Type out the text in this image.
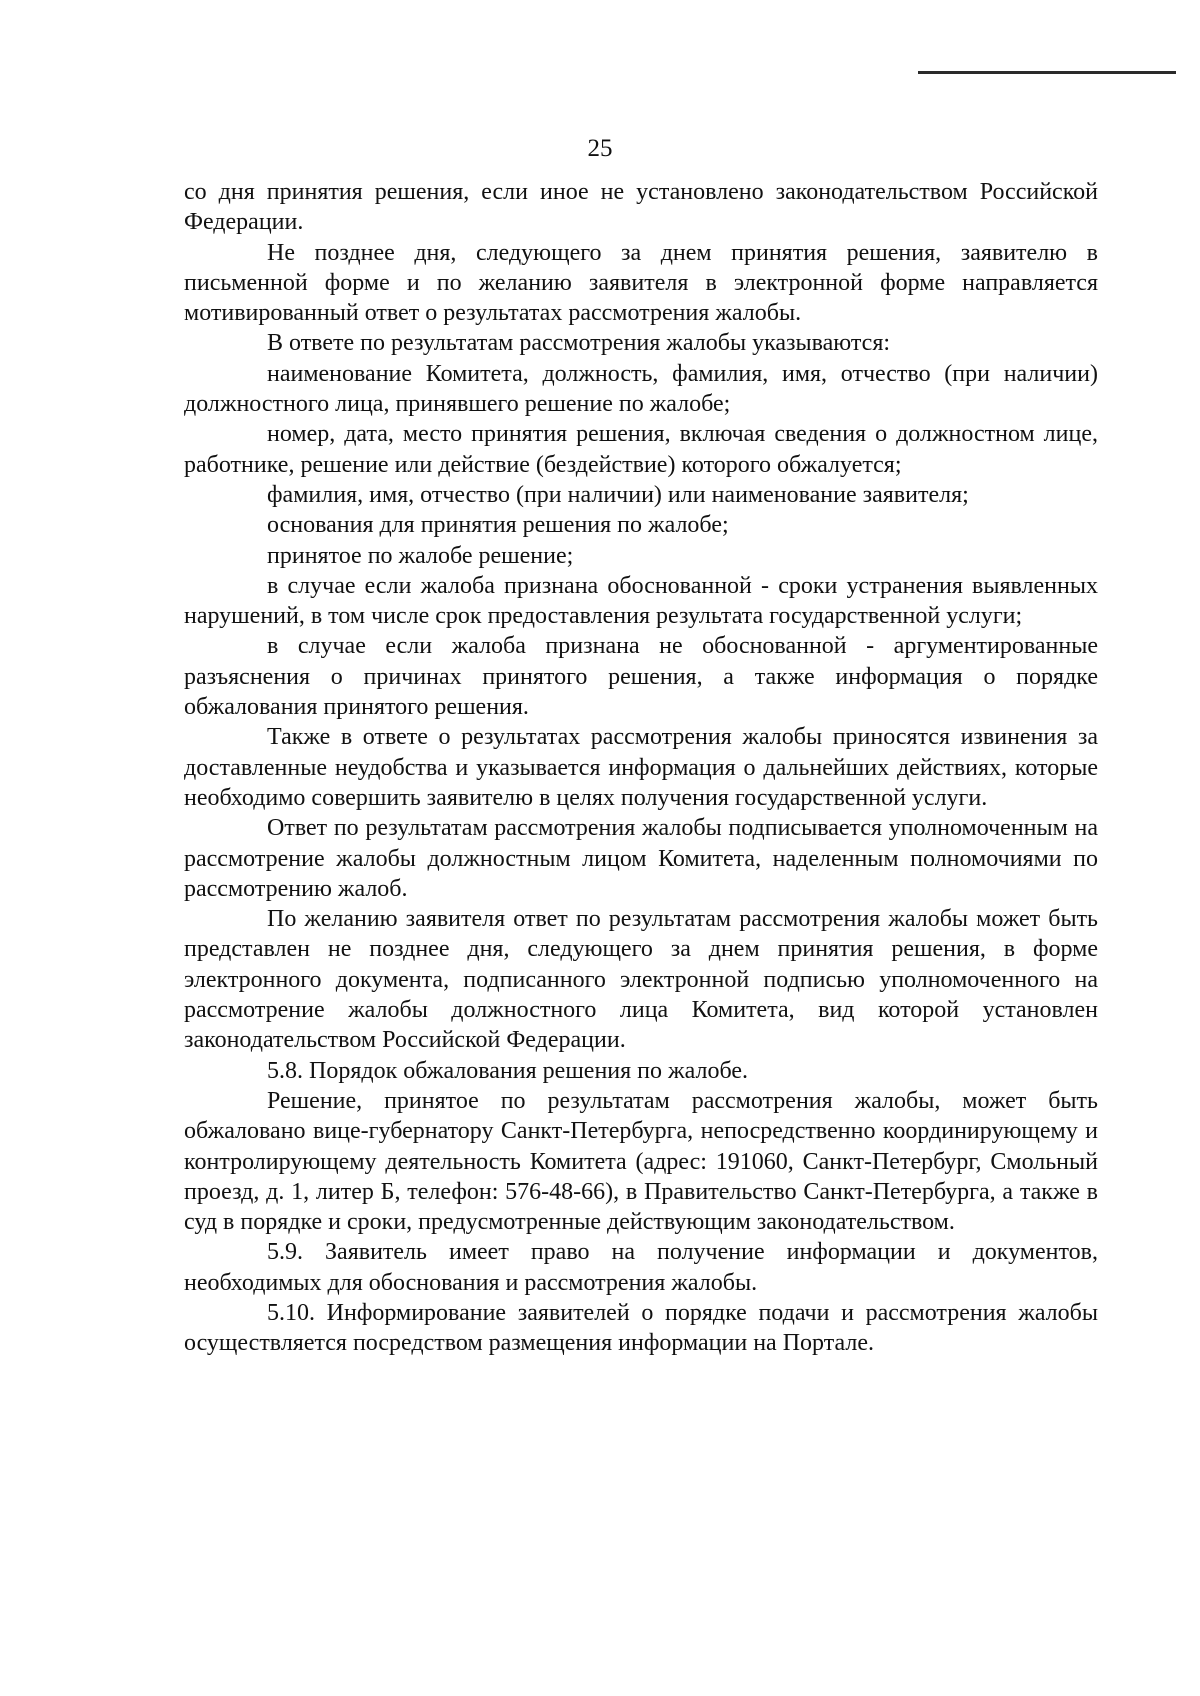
25

со дня принятия решения, если иное не установлено законодательством Российской Федерации.

Не позднее дня, следующего за днем принятия решения, заявителю в письменной форме и по желанию заявителя в электронной форме направляется мотивированный ответ о результатах рассмотрения жалобы.

В ответе по результатам рассмотрения жалобы указываются:

наименование Комитета, должность, фамилия, имя, отчество (при наличии) должностного лица, принявшего решение по жалобе;

номер, дата, место принятия решения, включая сведения о должностном лице, работнике, решение или действие (бездействие) которого обжалуется;

фамилия, имя, отчество (при наличии) или наименование заявителя;

основания для принятия решения по жалобе;

принятое по жалобе решение;

в случае если жалоба признана обоснованной - сроки устранения выявленных нарушений, в том числе срок предоставления результата государственной услуги;

в случае если жалоба признана не обоснованной - аргументированные разъяснения о причинах принятого решения, а также информация о порядке обжалования принятого решения.

Также в ответе о результатах рассмотрения жалобы приносятся извинения за доставленные неудобства и указывается информация о дальнейших действиях, которые необходимо совершить заявителю в целях получения государственной услуги.

Ответ по результатам рассмотрения жалобы подписывается уполномоченным на рассмотрение жалобы должностным лицом Комитета, наделенным полномочиями по рассмотрению жалоб.

По желанию заявителя ответ по результатам рассмотрения жалобы может быть представлен не позднее дня, следующего за днем принятия решения, в форме электронного документа, подписанного электронной подписью уполномоченного на рассмотрение жалобы должностного лица Комитета, вид которой установлен законодательством Российской Федерации.

5.8. Порядок обжалования решения по жалобе.

Решение, принятое по результатам рассмотрения жалобы, может быть обжаловано вице-губернатору Санкт-Петербурга, непосредственно координирующему и контролирующему деятельность Комитета (адрес: 191060, Санкт-Петербург, Смольный проезд, д. 1, литер Б, телефон: 576-48-66), в Правительство Санкт-Петербурга, а также в суд в порядке и сроки, предусмотренные действующим законодательством.

5.9. Заявитель имеет право на получение информации и документов, необходимых для обоснования и рассмотрения жалобы.

5.10. Информирование заявителей о порядке подачи и рассмотрения жалобы осуществляется посредством размещения информации на Портале.
